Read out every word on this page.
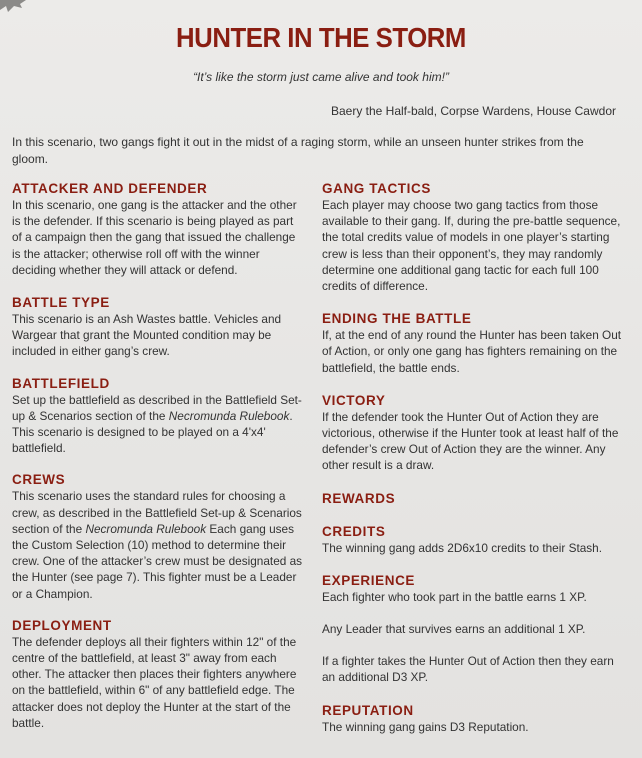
HUNTER IN THE STORM
“It’s like the storm just came alive and took him!”
Baery the Half-bald, Corpse Wardens, House Cawdor
In this scenario, two gangs fight it out in the midst of a raging storm, while an unseen hunter strikes from the gloom.
ATTACKER AND DEFENDER

In this scenario, one gang is the attacker and the other is the defender. If this scenario is being played as part of a campaign then the gang that issued the challenge is the attacker; otherwise roll off with the winner deciding whether they will attack or defend.

BATTLE TYPE

This scenario is an Ash Wastes battle. Vehicles and Wargear that grant the Mounted condition may be included in either gang’s crew.

BATTLEFIELD

Set up the battlefield as described in the Battlefield Set-up & Scenarios section of the Necromunda Rulebook. This scenario is designed to be played on a 4'x4' battlefield.

CREWS

This scenario uses the standard rules for choosing a crew, as described in the Battlefield Set-up & Scenarios section of the Necromunda Rulebook Each gang uses the Custom Selection (10) method to determine their crew. One of the attacker’s crew must be designated as the Hunter (see page 7). This fighter must be a Leader or a Champion.

DEPLOYMENT

The defender deploys all their fighters within 12" of the centre of the battlefield, at least 3" away from each other. The attacker then places their fighters anywhere on the battlefield, within 6" of any battlefield edge. The attacker does not deploy the Hunter at the start of the battle.

GANG TACTICS

Each player may choose two gang tactics from those available to their gang. If, during the pre-battle sequence, the total credits value of models in one player’s starting crew is less than their opponent’s, they may randomly determine one additional gang tactic for each full 100 credits of difference.

ENDING THE BATTLE

If, at the end of any round the Hunter has been taken Out of Action, or only one gang has fighters remaining on the battlefield, the battle ends.

VICTORY

If the defender took the Hunter Out of Action they are victorious, otherwise if the Hunter took at least half of the defender’s crew Out of Action they are the winner. Any other result is a draw.

REWARDS
CREDITS

The winning gang adds 2D6x10 credits to their Stash.

EXPERIENCE

Each fighter who took part in the battle earns 1 XP.

Any Leader that survives earns an additional 1 XP.

If a fighter takes the Hunter Out of Action then they earn an additional D3 XP.

REPUTATION

The winning gang gains D3 Reputation.
